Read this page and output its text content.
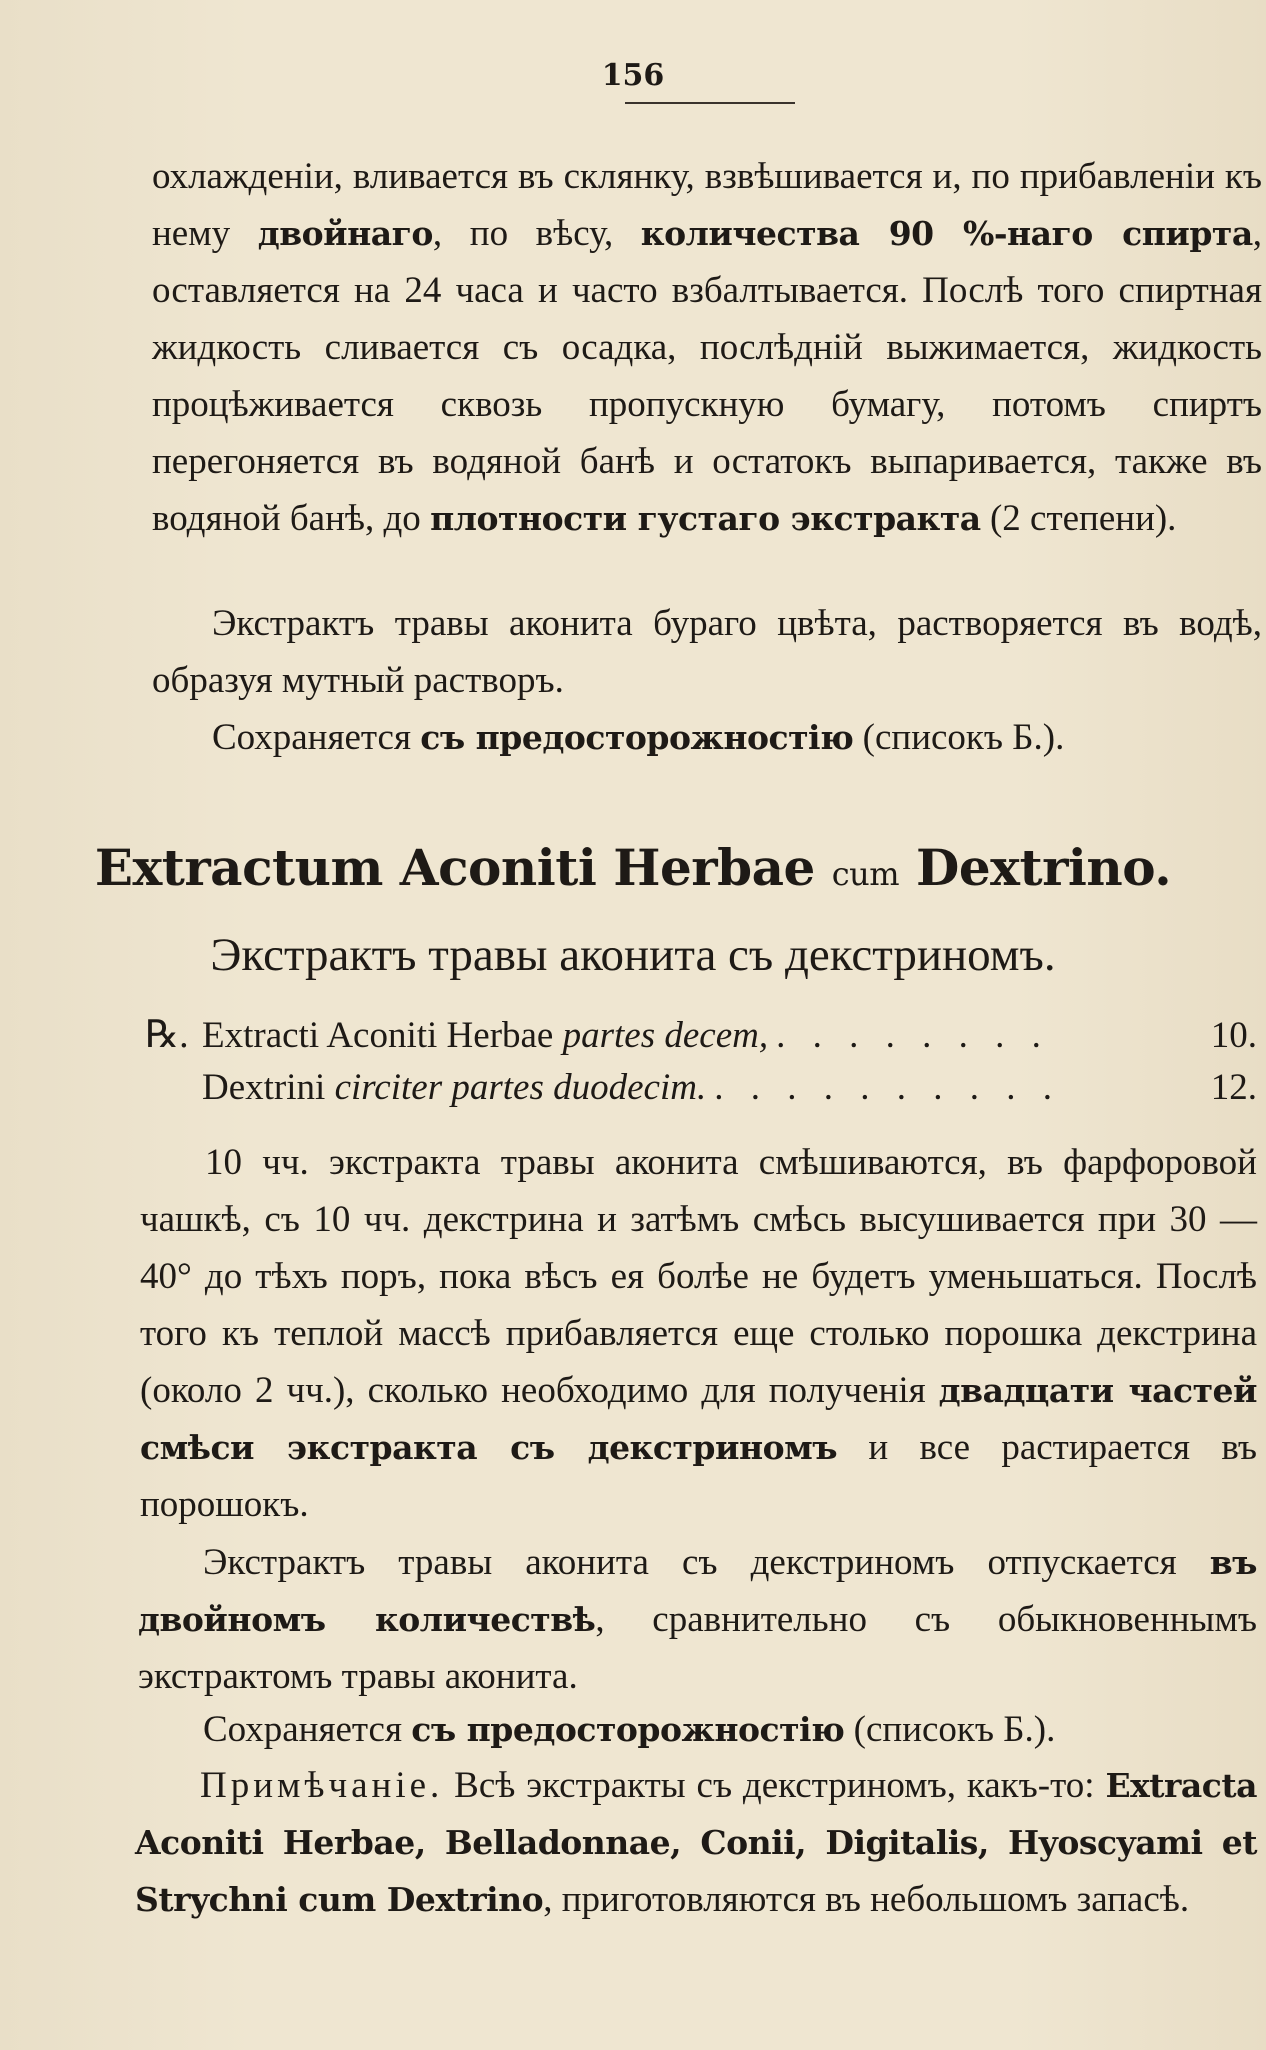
156
охлажденіи, вливается въ склянку, взвѣшивается и, по прибавленіи къ нему двойнаго, по вѣсу, количества 90 %-наго спирта, оставляется на 24 часа и часто взбалтывается. Послѣ того спиртная жидкость сливается съ осадка, послѣдній выжимается, жидкость процѣживается сквозь пропускную бумагу, потомъ спиртъ перегоняется въ водяной банѣ и остатокъ выпаривается, также въ водяной банѣ, до плотности густаго экстракта (2 степени).
Экстрактъ травы аконита бураго цвѣта, растворяется въ водѣ, образуя мутный растворъ.
Сохраняется съ предосторожностію (списокъ Б.).
Extractum Aconiti Herbae cum Dextrino.
Экстрактъ травы аконита съ декстриномъ.
℞. Extracti Aconiti Herbae partes decem, . . . . . . . .	10.
Dextrini circiter partes duodecim. . . . . . . . . . .	12.
10 чч. экстракта травы аконита смѣшиваются, въ фарфоровой чашкѣ, съ 10 чч. декстрина и затѣмъ смѣсь высушивается при 30 — 40° до тѣхъ поръ, пока вѣсъ ея болѣе не будетъ уменьшаться. Послѣ того къ теплой массѣ прибавляется еще столько порошка декстрина (около 2 чч.), сколько необходимо для полученія двадцати частей смѣси экстракта съ декстриномъ и все растирается въ порошокъ.
Экстрактъ травы аконита съ декстриномъ отпускается въ двойномъ количествѣ, сравнительно съ обыкновеннымъ экстрактомъ травы аконита.
Сохраняется съ предосторожностію (списокъ Б.).
Примѣчаніе. Всѣ экстракты съ декстриномъ, какъ-то: Extracta Aconiti Herbae, Belladonnae, Conii, Digitalis, Hyoscyami et Strychni cum Dextrino, приготовляются въ небольшомъ запасѣ.
